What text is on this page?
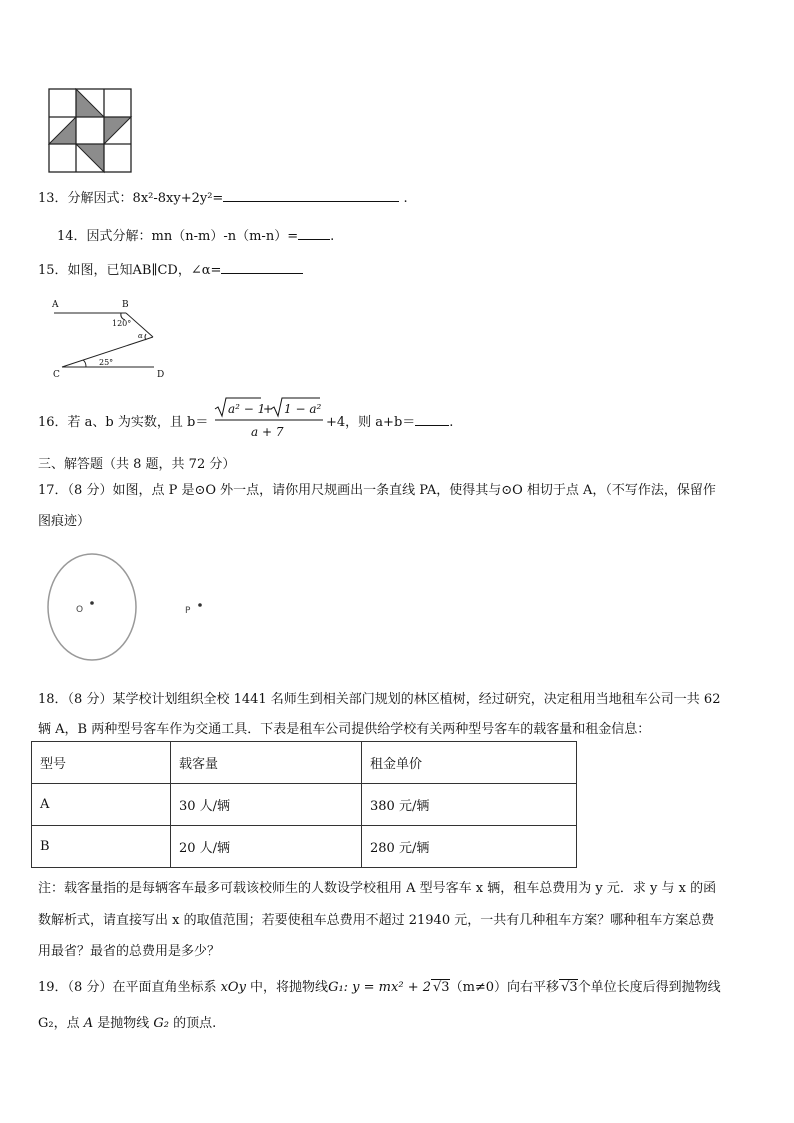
13．分解因式：8x²-8xy+2y²=	.
14．因式分解：mn（n-m）-n（m-n）= .
15．如图，已知AB∥CD，∠α=
A	B
C	D
120°
25°
α
16．若 a、b 为实数，且 b＝
a² − 1
+ 1 − a²
a + 7
+4，则 a+b＝	.
三、解答题（共 8 题，共 72 分）
17．（8 分）如图，点 P 是⊙O 外一点，请你用尺规画出一条直线 PA，使得其与⊙O 相切于点 A，（不写作法，保留作
图痕迹）
O	P
18．（8 分）某学校计划组织全校 1441 名师生到相关部门规划的林区植树，经过研究，决定租用当地租车公司一共 62
辆 A，B 两种型号客车作为交通工具．下表是租车公司提供给学校有关两种型号客车的载客量和租金信息：
型号	载客量	租金单价
A	30 人/辆	380 元/辆
B	20 人/辆	280 元/辆
注：载客量指的是每辆客车最多可载该校师生的人数设学校租用 A 型号客车 x 辆，租车总费用为 y 元．求 y 与 x 的函
数解析式，请直接写出 x 的取值范围；若要使租车总费用不超过 21940 元，一共有几种租车方案？哪种租车方案总费
用最省？最省的总费用是多少？
19．（8 分）在平面直角坐标系 xOy 中，将抛物线G₁: y = mx² + 2 √3（m≠0）向右平移 √3个单位长度后得到抛物线
G₂，点 A 是抛物线 G₂ 的顶点.
